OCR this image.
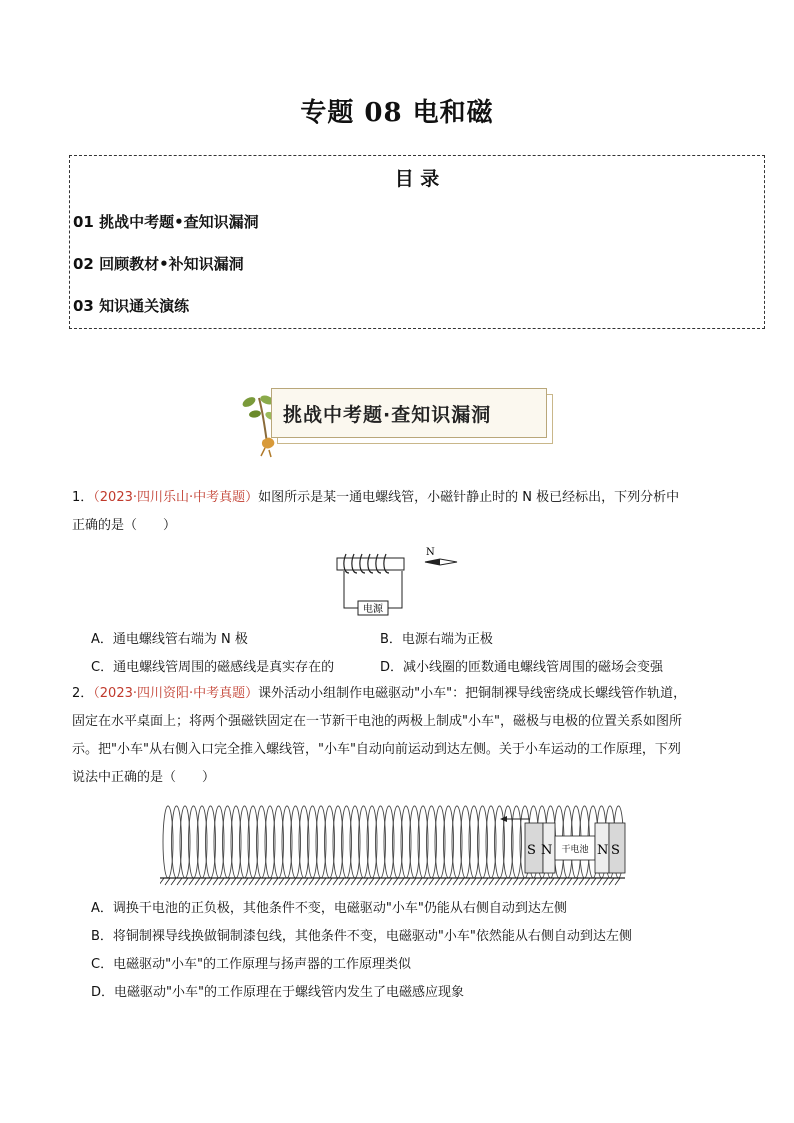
专题 08 电和磁
目 录
01 挑战中考题•查知识漏洞
02 回顾教材•补知识漏洞
03 知识通关演练
挑战中考题·查知识漏洞
1．（2023·四川乐山·中考真题）如图所示是某一通电螺线管，小磁针静止时的 N 极已经标出，下列分析中
正确的是（　　）
电源
N
A．通电螺线管右端为 N 极	B．电源右端为正极
C．通电螺线管周围的磁感线是真实存在的	D．减小线圈的匝数通电螺线管周围的磁场会变强
2．（2023·四川资阳·中考真题）课外活动小组制作电磁驱动"小车"：把铜制裸导线密绕成长螺线管作轨道，
固定在水平桌面上；将两个强磁铁固定在一节新干电池的两极上制成"小车"，磁极与电极的位置关系如图所
示。把"小车"从右侧入口完全推入螺线管，"小车"自动向前运动到达左侧。关于小车运动的工作原理，下列
说法中正确的是（　　）
S N 干电池 N S
A．调换干电池的正负极，其他条件不变，电磁驱动"小车"仍能从右侧自动到达左侧
B．将铜制裸导线换做铜制漆包线，其他条件不变，电磁驱动"小车"依然能从右侧自动到达左侧
C．电磁驱动"小车"的工作原理与扬声器的工作原理类似
D．电磁驱动"小车"的工作原理在于螺线管内发生了电磁感应现象
